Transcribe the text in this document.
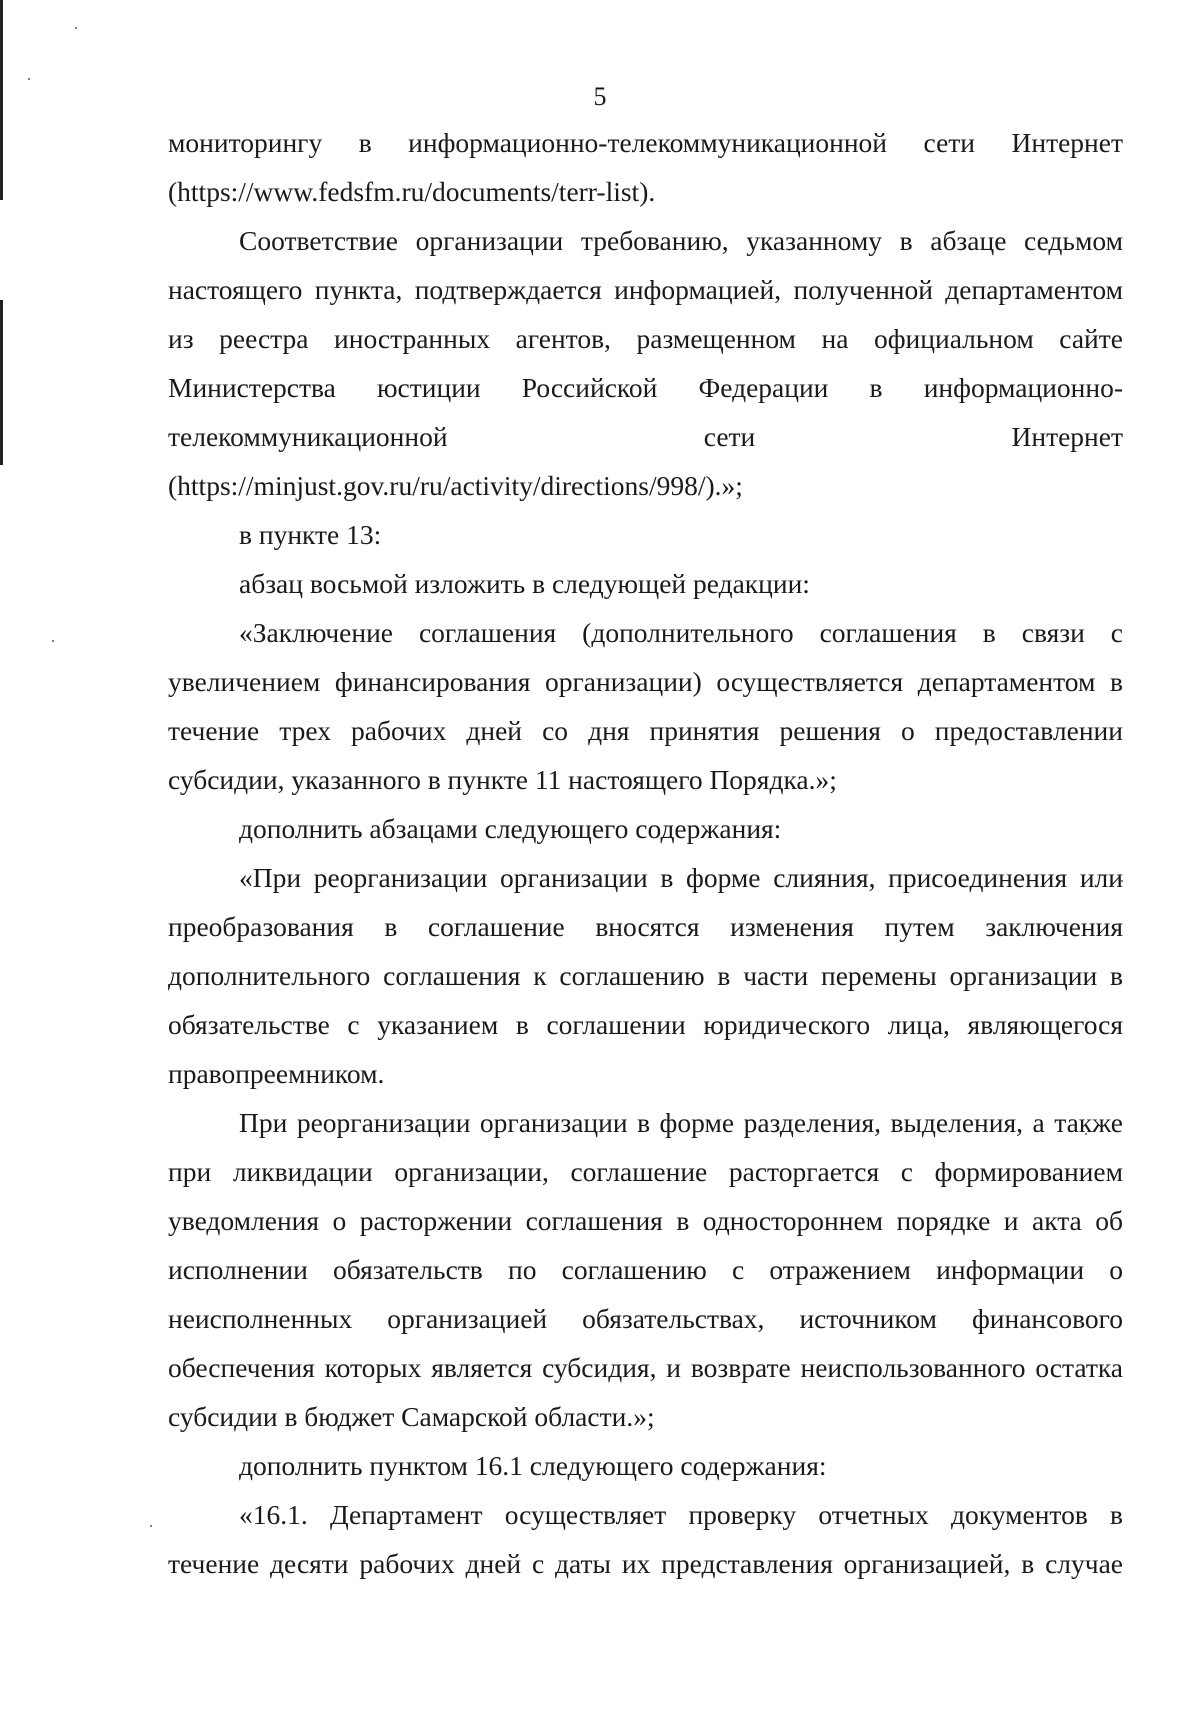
5

мониторингу в информационно-телекоммуникационной сети Интернет (https://www.fedsfm.ru/documents/terr-list).

Соответствие организации требованию, указанному в абзаце седьмом настоящего пункта, подтверждается информацией, полученной департаментом из реестра иностранных агентов, размещенном на официальном сайте Министерства юстиции Российской Федерации в информационно-телекоммуникационной сети Интернет (https://minjust.gov.ru/ru/activity/directions/998/).»;

в пункте 13:

абзац восьмой изложить в следующей редакции:

«Заключение соглашения (дополнительного соглашения в связи с увеличением финансирования организации) осуществляется департаментом в течение трех рабочих дней со дня принятия решения о предоставлении субсидии, указанного в пункте 11 настоящего Порядка.»;

дополнить абзацами следующего содержания:

«При реорганизации организации в форме слияния, присоединения или преобразования в соглашение вносятся изменения путем заключения дополнительного соглашения к соглашению в части перемены организации в обязательстве с указанием в соглашении юридического лица, являющегося правопреемником.

При реорганизации организации в форме разделения, выделения, а также при ликвидации организации, соглашение расторгается с формированием уведомления о расторжении соглашения в одностороннем порядке и акта об исполнении обязательств по соглашению с отражением информации о неисполненных организацией обязательствах, источником финансового обеспечения которых является субсидия, и возврате неиспользованного остатка субсидии в бюджет Самарской области.»;

дополнить пунктом 16.1 следующего содержания:

«16.1. Департамент осуществляет проверку отчетных документов в течение десяти рабочих дней с даты их представления организацией, в случае
